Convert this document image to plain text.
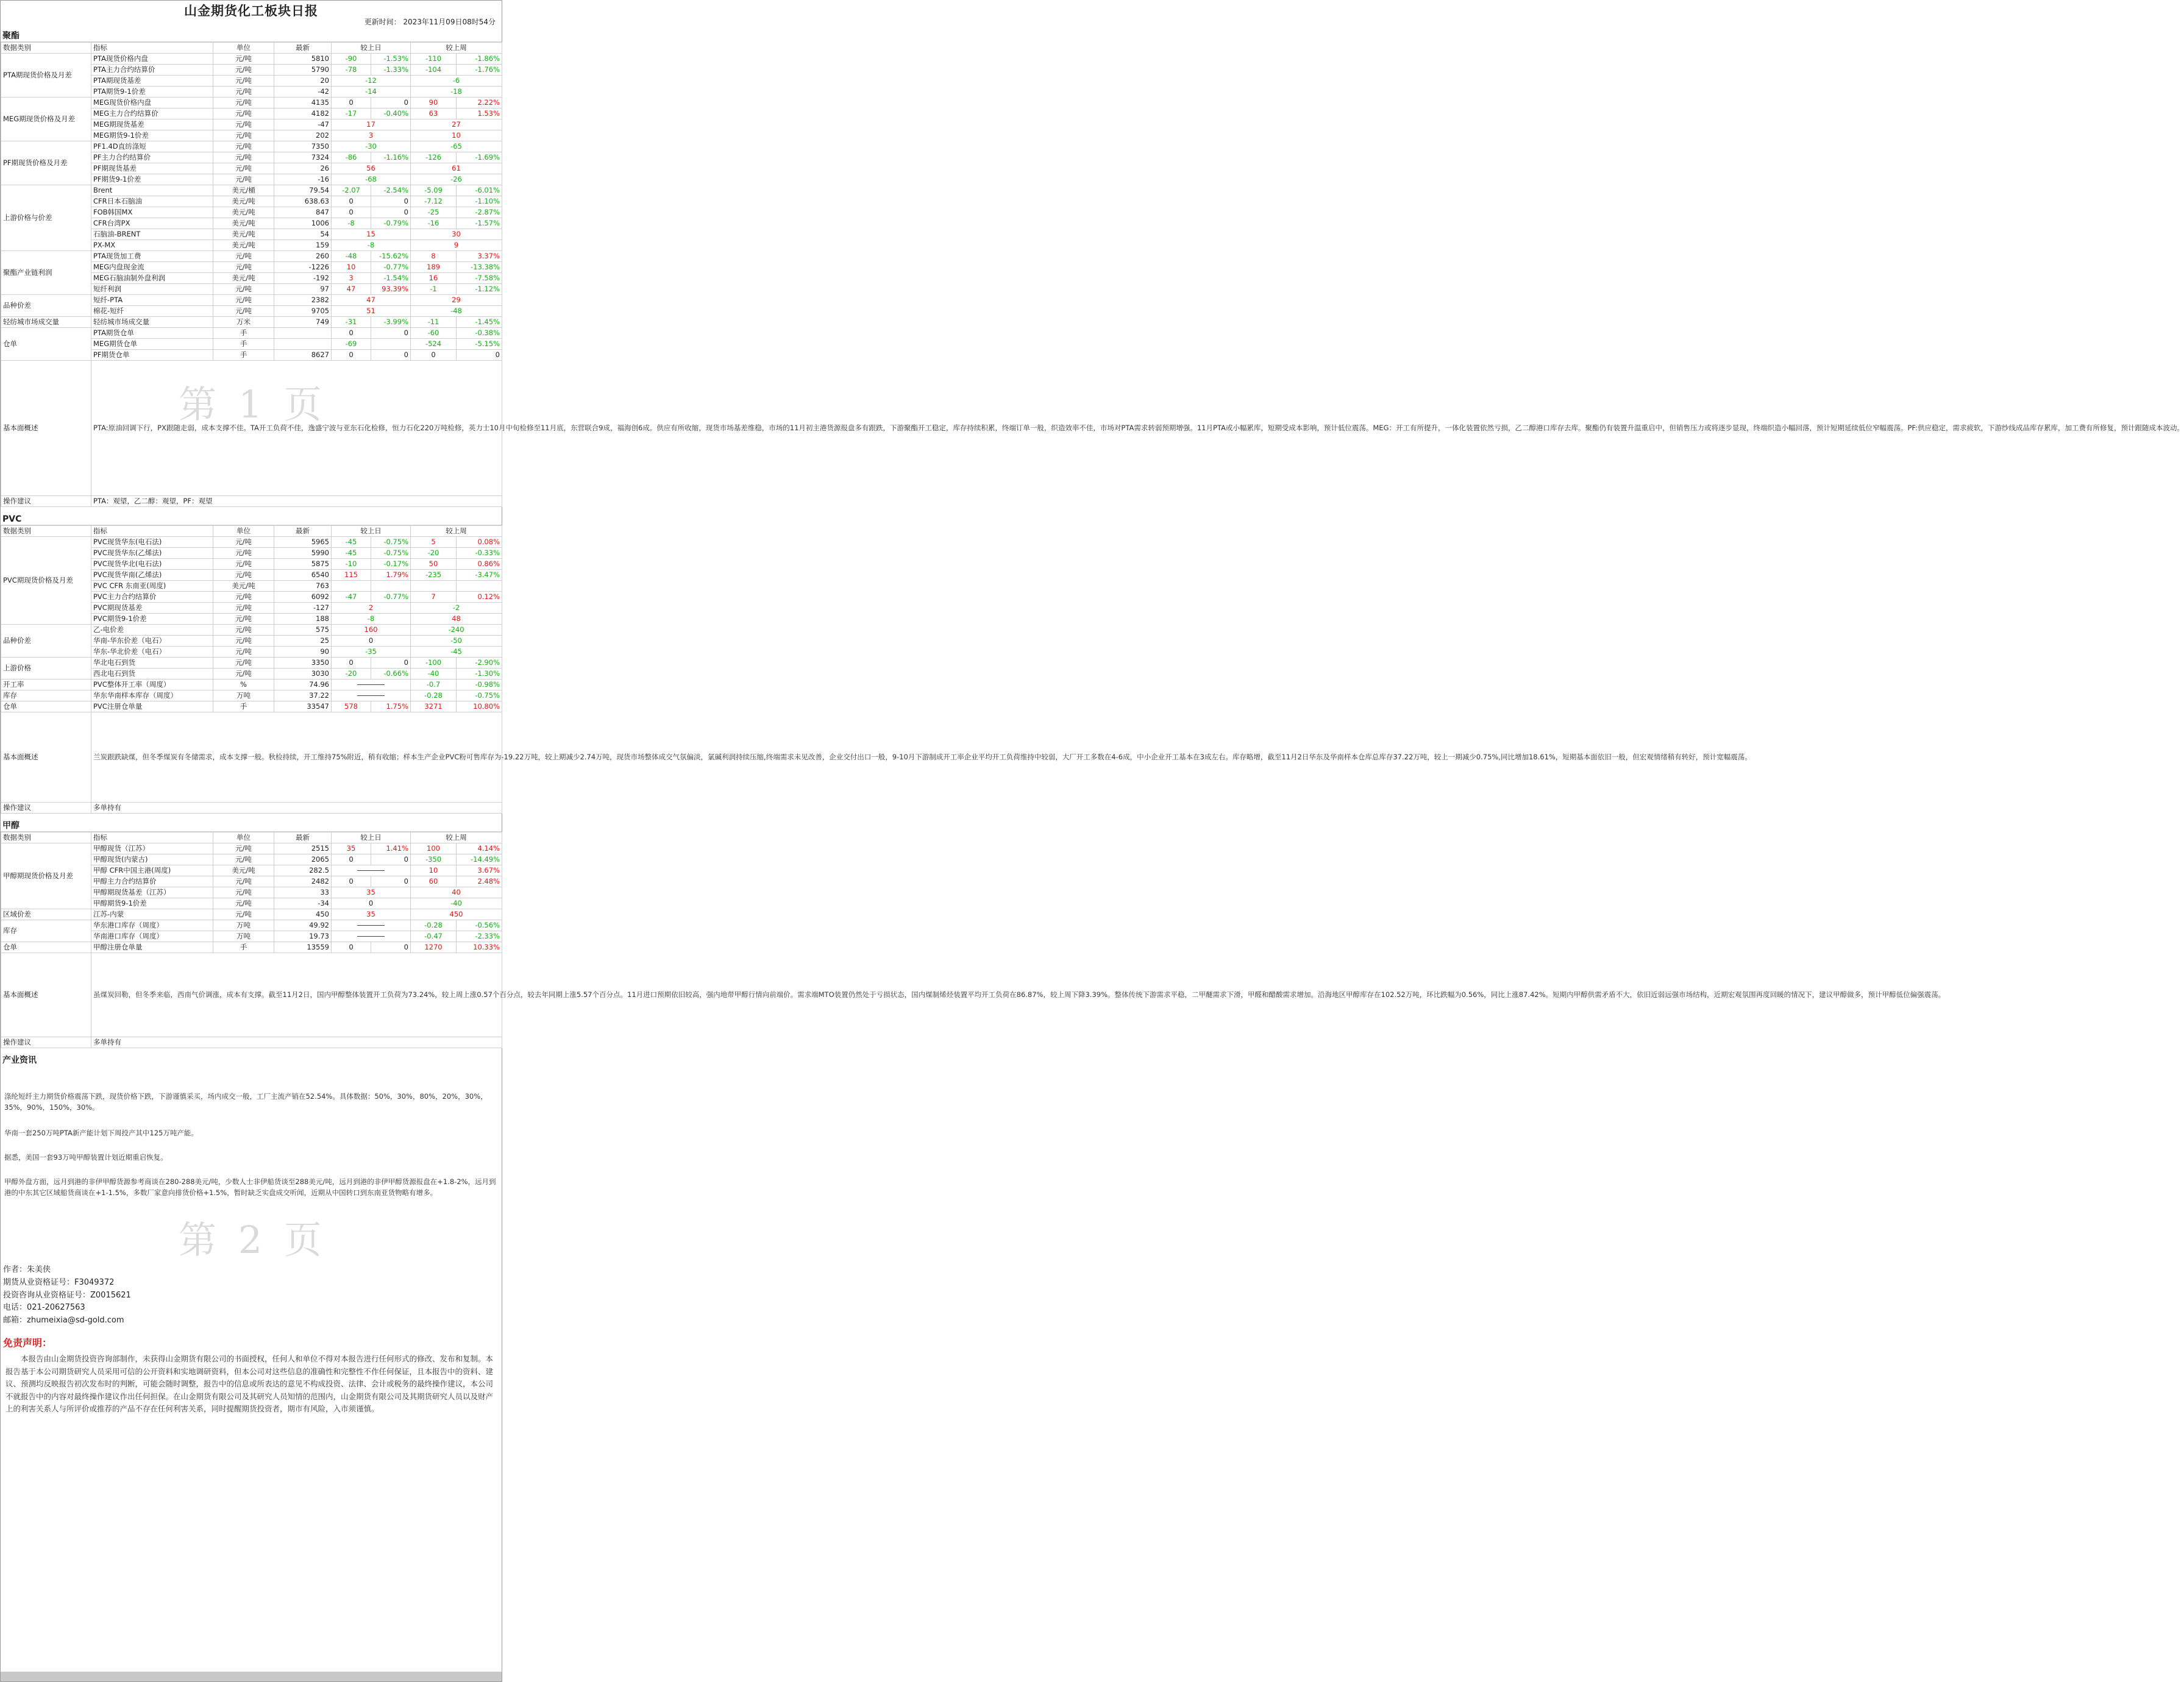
山金期货化工板块日报
更新时间： 2023年11月09日08时54分
聚酯
数据类别	指标	单位	最新	较上日		较上周	
PTA期现货价格及月差	PTA现货价格内盘	元/吨	5810	-90	-1.53%	-110	-1.86%
	PTA主力合约结算价	元/吨	5790	-78	-1.33%	-104	-1.76%
	PTA期现货基差	元/吨	20	-12		-6	
	PTA期货9-1价差	元/吨	-42	-14		-18	
MEG期现货价格及月差	MEG现货价格内盘	元/吨	4135	0	0	90	2.22%
	MEG主力合约结算价	元/吨	4182	-17	-0.40%	63	1.53%
	MEG期现货基差	元/吨	-47	17		27	
	MEG期货9-1价差	元/吨	202	3		10	
PF期现货价格及月差	PF1.4D直纺涤短	元/吨	7350	-30		-65	
	PF主力合约结算价	元/吨	7324	-86	-1.16%	-126	-1.69%
	PF期现货基差	元/吨	26	56		61	
	PF期货9-1价差	元/吨	-16	-68		-26	
上游价格与价差	Brent	美元/桶	79.54	-2.07	-2.54%	-5.09	-6.01%
	CFR日本石脑油	美元/吨	638.63	0	0	-7.12	-1.10%
	FOB韩国MX	美元/吨	847	0	0	-25	-2.87%
	CFR台湾PX	美元/吨	1006	-8	-0.79%	-16	-1.57%
	石脑油-BRENT	美元/吨	54	15		30	
	PX-MX	美元/吨	159	-8		9	
聚酯产业链利润	PTA现货加工费	元/吨	260	-48	-15.62%	8	3.37%
	MEG内盘现金流	元/吨	-1226	10	-0.77%	189	-13.38%
	MEG石脑油制外盘利润	美元/吨	-192	3	-1.54%	16	-7.58%
	短纤利润	元/吨	97	47	93.39%	-1	-1.12%
品种价差	短纤-PTA	元/吨	2382	47		29	
	棉花-短纤	元/吨	9705	51		-48	
轻纺城市场成交量	轻纺城市场成交量	万米	749	-31	-3.99%	-11	-1.45%
仓单	PTA期货仓单	手		0	0	-60	-0.38%
	MEG期货仓单	手		-69		-524	-5.15%
	PF期货仓单	手	8627	0	0	0	0
基本面概述	PTA:原油回调下行，PX跟随走弱，成本支撑不佳。TA开工负荷不佳，逸盛宁波与亚东石化检修，恒力石化220万吨检修，英力士10月中旬检修至11月底，东营联合9成，福海创6成。供应有所收缩，现货市场基差维稳，市场的11月初主港货源报盘多有跟跌，下游聚酯开工稳定，库存持续积累，终端订单一般，织造效率不佳，市场对PTA需求转弱预期增强。11月PTA或小幅累库，短期受成本影响，预计低位震荡。MEG：开工有所提升，一体化装置依然亏损，乙二醇港口库存去库。聚酯仍有装置升温重启中，但销售压力或将逐步显现，终端织造小幅回落，预计短期延续低位窄幅震荡。PF:供应稳定，需求疲软，下游纱线成品库存累库，加工费有所修复，预计跟随成本波动。						
操作建议	PTA：观望，乙二醇：观望，PF：观望						
PVC
数据类别	指标	单位	最新	较上日		较上周	
PVC期现货价格及月差	PVC现货华东(电石法)	元/吨	5965	-45	-0.75%	5	0.08%
	PVC现货华东(乙烯法)	元/吨	5990	-45	-0.75%	-20	-0.33%
	PVC现货华北(电石法)	元/吨	5875	-10	-0.17%	50	0.86%
	PVC现货华南(乙烯法)	元/吨	6540	115	1.79%	-235	-3.47%
	PVC CFR 东南亚(周度)	美元/吨	763				
	PVC主力合约结算价	元/吨	6092	-47	-0.77%	7	0.12%
	PVC期现货基差	元/吨	-127	2		-2	
	PVC期货9-1价差	元/吨	188	-8		48	
品种价差	乙-电价差	元/吨	575	160		-240	
	华南-华东价差（电石）	元/吨	25	0		-50	
	华东-华北价差（电石）	元/吨	90	-35		-45	
上游价格	华北电石到货	元/吨	3350	0	0	-100	-2.90%
	西北电石到货	元/吨	3030	-20	-0.66%	-40	-1.30%
开工率	PVC整体开工率（周度）	%	74.96			-0.7	-0.98%
库存	华东华南样本库存（周度）	万吨	37.22			-0.28	-0.75%
仓单	PVC注册仓单量	手	33547	578	1.75%	3271	10.80%
基本面概述	兰炭跟跌缺煤，但冬季煤炭有冬储需求，成本支撑一般。秋检持续，开工维持75%附近，稍有收缩；样本生产企业PVC粉可售库存为-19.22万吨，较上期减少2.74万吨，现货市场整体成交气氛偏淡，氯碱利润持续压缩,终端需求未见改善，企业交付出口一般，9-10月下游制成开工率企业平均开工负荷维持中较弱，大厂开工多数在4-6成，中小企业开工基本在3成左右。库存略增，截至11月2日华东及华南样本仓库总库存37.22万吨，较上一期减少0.75%,同比增加18.61%，短期基本面依旧一般，但宏观情绪稍有转好，预计宽幅震荡。						
操作建议	多单持有						
甲醇
数据类别	指标	单位	最新	较上日		较上周	
甲醇期现货价格及月差	甲醇现货（江苏）	元/吨	2515	35	1.41%	100	4.14%
	甲醇现货(内蒙古)	元/吨	2065	0	0	-350	-14.49%
	甲醇 CFR中国主港(周度)	美元/吨	282.5			10	3.67%
	甲醇主力合约结算价	元/吨	2482	0	0	60	2.48%
	甲醇期现货基差（江苏）	元/吨	33	35		40	
	甲醇期货9-1价差	元/吨	-34	0		-40	
区域价差	江苏-内蒙	元/吨	450	35		450	
库存	华东港口库存（周度）	万吨	49.92			-0.28	-0.56%
	华南港口库存（周度）	万吨	19.73			-0.47	-2.33%
仓单	甲醇注册仓单量	手	13559	0	0	1270	10.33%
基本面概述	虽煤炭回勒，但冬季来临，西南气价调涨，成本有支撑。截至11月2日，国内甲醇整体装置开工负荷为73.24%，较上周上涨0.57个百分点，较去年同期上涨5.57个百分点。11月进口预期依旧较高，强内地带甲醇行情向前端价。需求端MTO装置仍然处于亏损状态，国内煤制烯烃装置平均开工负荷在86.87%，较上周下降3.39%。整体传统下游需求平稳，二甲醚需求下滑，甲醛和醋酸需求增加。沿海地区甲醇库存在102.52万吨，环比跌幅为0.56%，同比上涨87.42%。短期内甲醇供需矛盾不大，依旧近弱远强市场结构，近期宏观氛围再度回暖的情况下，建议甲醇做多，预计甲醇低位偏强震荡。						
操作建议	多单持有						
产业资讯

涤纶短纤主力期货价格震荡下跌，现货价格下跌，下游谨慎采买，场内成交一般，工厂主流产销在52.54%。具体数据：50%，30%，80%，20%，30%，35%，90%，150%，30%。

华南一套250万吨PTA新产能计划下周投产其中125万吨产能。

据悉，美国一套93万吨甲醇装置计划近期重启恢复。

甲醇外盘方面，远月到港的非伊甲醇货源参考商谈在280-288美元/吨，少数人士非伊船货谈至288美元/吨，远月到港的非伊甲醇货源报盘在+1.8-2%，远月到港的中东其它区域船货商谈在+1-1.5%，多数厂家意向排货价格+1.5%，暂时缺乏实盘成交听闻，近期从中国转口到东南亚货物略有增多。

作者：朱美侠
期货从业资格证号：F3049372
投资咨询从业资格证号：Z0015621
电话：021-20627563
邮箱：zhumeixia@sd-gold.com
免责声明：
本报告由山金期货投资咨询部制作，未获得山金期货有限公司的书面授权，任何人和单位不得对本报告进行任何形式的修改、发布和复制。本报告基于本公司期货研究人员采用可信的公开资料和实地调研资料，但本公司对这些信息的准确性和完整性不作任何保证，且本报告中的资料、建议、预测均反映报告初次发布时的判断，可能会随时调整，报告中的信息或所表达的意见不构成投资、法律、会计或税务的最终操作建议，本公司不就报告中的内容对最终操作建议作出任何担保。在山金期货有限公司及其研究人员知情的范围内，山金期货有限公司及其期货研究人员以及财产上的利害关系人与所评价或推荐的产品不存在任何利害关系，同时提醒期货投资者，期市有风险，入市须谨慎。
第 1 页
第 2 页
